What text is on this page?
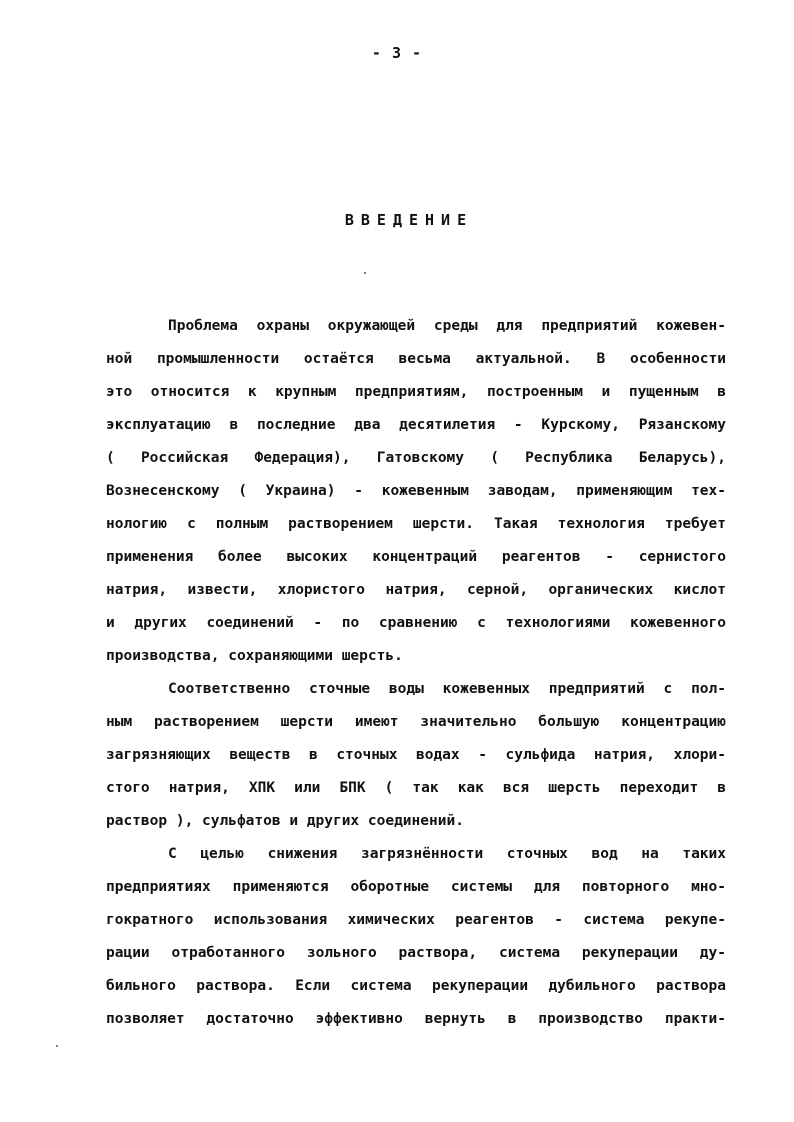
- 3 -
ВВЕДЕНИЕ
Проблема охраны окружающей среды для предприятий кожевен-
ной промышленности остаётся весьма актуальной. В особенности
это относится к крупным предприятиям, построенным и пущенным в
эксплуатацию в последние два десятилетия - Курскому, Рязанскому
( Российская Федерация), Гатовскому ( Республика Беларусь),
Вознесенскому ( Украина) - кожевенным заводам, применяющим тех-
нологию с полным растворением шерсти. Такая технология требует
применения более высоких концентраций реагентов - сернистого
натрия, извести, хлористого натрия, серной, органических кислот
и других соединений - по сравнению с технологиями кожевенного
производства, сохраняющими шерсть.
Соответственно сточные воды кожевенных предприятий с пол-
ным растворением шерсти имеют значительно большую концентрацию
загрязняющих веществ в сточных водах - сульфида натрия, хлори-
стого натрия, ХПК или БПК ( так как вся шерсть переходит в
раствор ), сульфатов и других соединений.
С целью снижения загрязнённости сточных вод на таких
предприятиях применяются оборотные системы для повторного мно-
гократного использования химических реагентов - система рекупе-
рации отработанного зольного раствора, система рекуперации ду-
бильного раствора. Если система рекуперации дубильного раствора
позволяет достаточно эффективно вернуть в производство практи-
